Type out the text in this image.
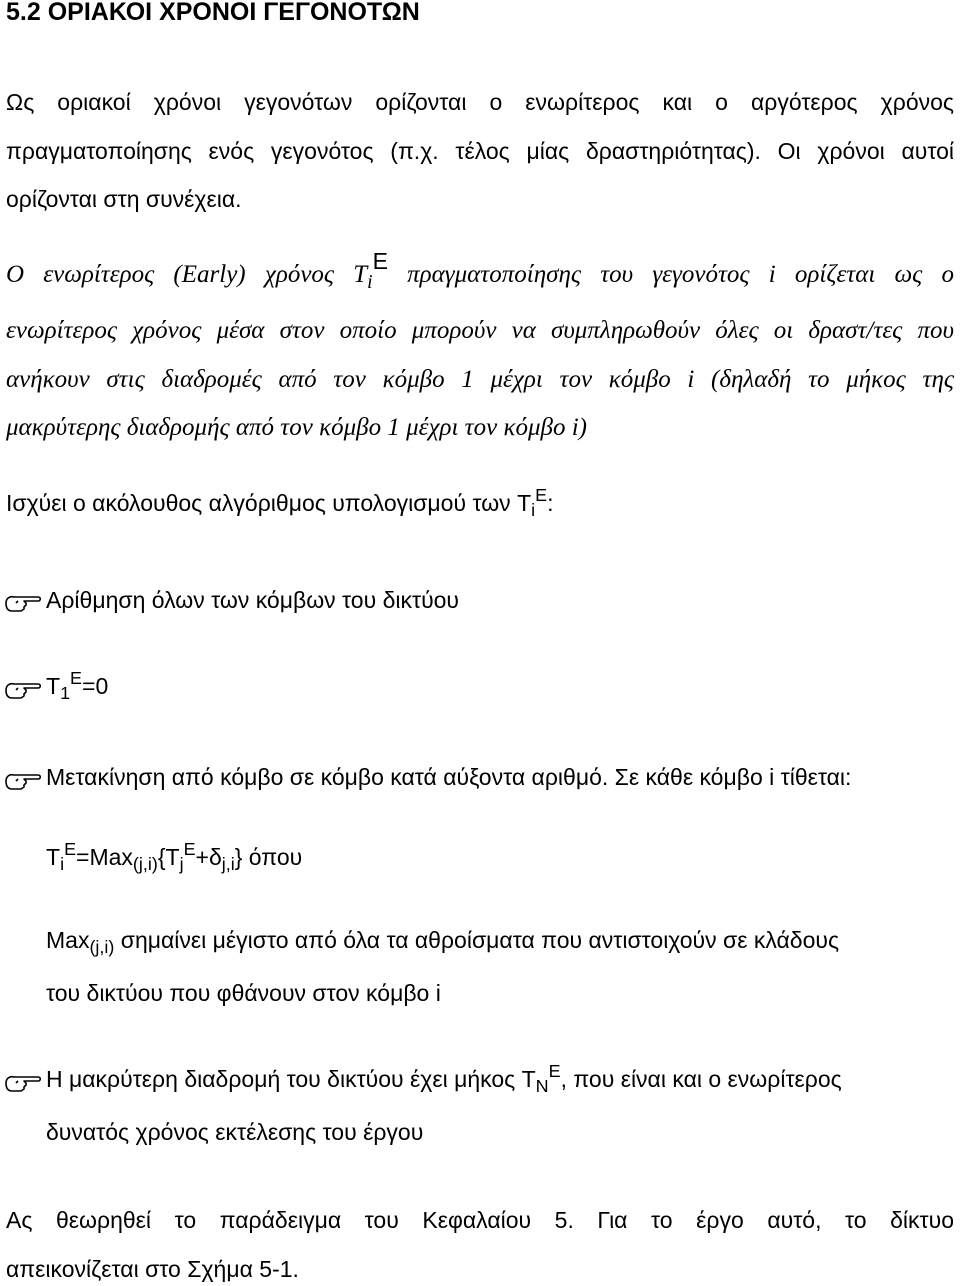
5.2 ΟΡΙΑΚΟΙ ΧΡΟΝΟΙ ΓΕΓΟΝΟΤΩΝ
Ως οριακοί χρόνοι γεγονότων ορίζονται ο ενωρίτερος και ο αργότερος χρόνος
πραγματοποίησης ενός γεγονότος (π.χ. τέλος μίας δραστηριότητας). Οι χρόνοι αυτοί
ορίζονται στη συνέχεια.
Ο ενωρίτερος (Early) χρόνος $T_i^E$ πραγματοποίησης του γεγονότος i ορίζεται ως ο
ενωρίτερος χρόνος μέσα στον οποίο μπορούν να συμπληρωθούν όλες οι δραστ/τες που
ανήκουν στις διαδρομές από τον κόμβο 1 μέχρι τον κόμβο i (δηλαδή το μήκος της
μακρύτερης διαδρομής από τον κόμβο 1 μέχρι τον κόμβο i)
Ισχύει ο ακόλουθος αλγόριθμος υπολογισμού των $T_i^E$:
Αρίθμηση όλων των κόμβων του δικτύου
$T_1^E=0$
Μετακίνηση από κόμβο σε κόμβο κατά αύξοντα αριθμό. Σε κάθε κόμβο i τίθεται:
$T_i^E=Max_{(j,i)}\{T_j^E+\delta_{j,i}\}$ όπου
Max$_{(j,i)}$ σημαίνει μέγιστο από όλα τα αθροίσματα που αντιστοιχούν σε κλάδους
του δικτύου που φθάνουν στον κόμβο i
Η μακρύτερη διαδρομή του δικτύου έχει μήκος $T_N^E$, που είναι και ο ενωρίτερος
δυνατός χρόνος εκτέλεσης του έργου
Ας θεωρηθεί το παράδειγμα του Κεφαλαίου 5. Για το έργο αυτό, το δίκτυο
απεικονίζεται στο Σχήμα 5-1.
